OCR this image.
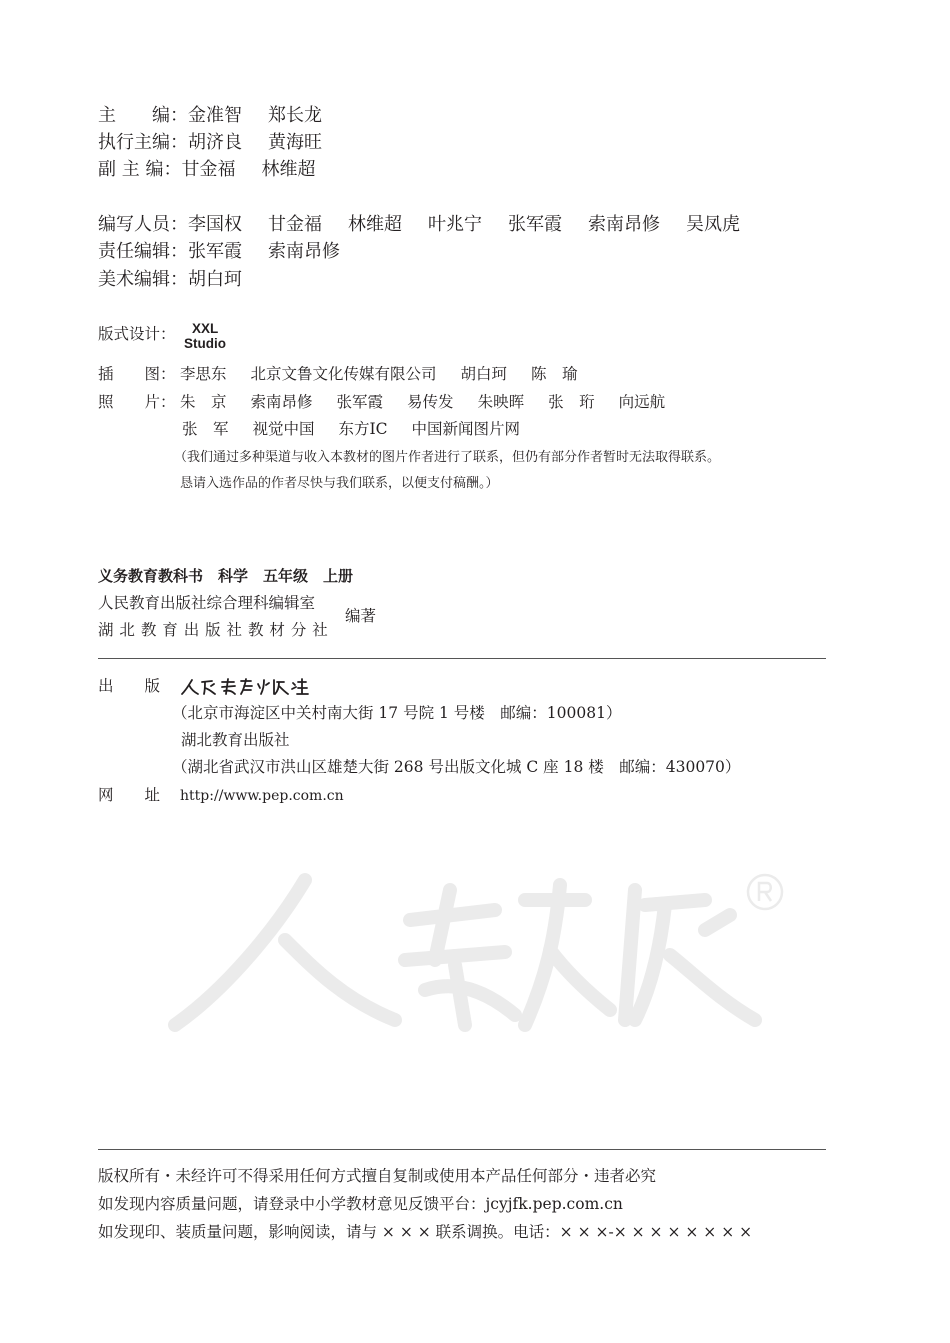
主　　编：金准智 郑长龙
执行主编：胡济良 黄海旺
副 主 编：甘金福 林维超
编写人员：李国权 甘金福 林维超 叶兆宁 张军霞 索南昂修 吴凤虎
责任编辑：张军霞 索南昂修
美术编辑：胡白珂
版式设计：	XXL
Studio
插　　图： 李思东 北京文鲁文化传媒有限公司 胡白珂 陈　瑜
照　　片： 朱　京 索南昂修 张军霞 易传发 朱映晖 张　珩 向远航
张　军 视觉中国 东方IC 中国新闻图片网
（我们通过多种渠道与收入本教材的图片作者进行了联系，但仍有部分作者暂时无法取得联系。
恳请入选作品的作者尽快与我们联系，以便支付稿酬。）
义务教育教科书　科学　五年级　上册
人民教育出版社综合理科编辑室
湖 北 教 育 出 版 社 教 材 分 社
编著
出　　版
（北京市海淀区中关村南大街 17 号院 1 号楼　邮编：100081）
湖北教育出版社
（湖北省武汉市洪山区雄楚大街 268 号出版文化城 C 座 18 楼　邮编：430070）
网　　址 http://www.pep.com.cn
版权所有・未经许可不得采用任何方式擅自复制或使用本产品任何部分・违者必究
如发现内容质量问题，请登录中小学教材意见反馈平台：jcyjfk.pep.com.cn
如发现印、装质量问题，影响阅读，请与 × × × 联系调换。电话：× × ×-× × × × × × × ×
